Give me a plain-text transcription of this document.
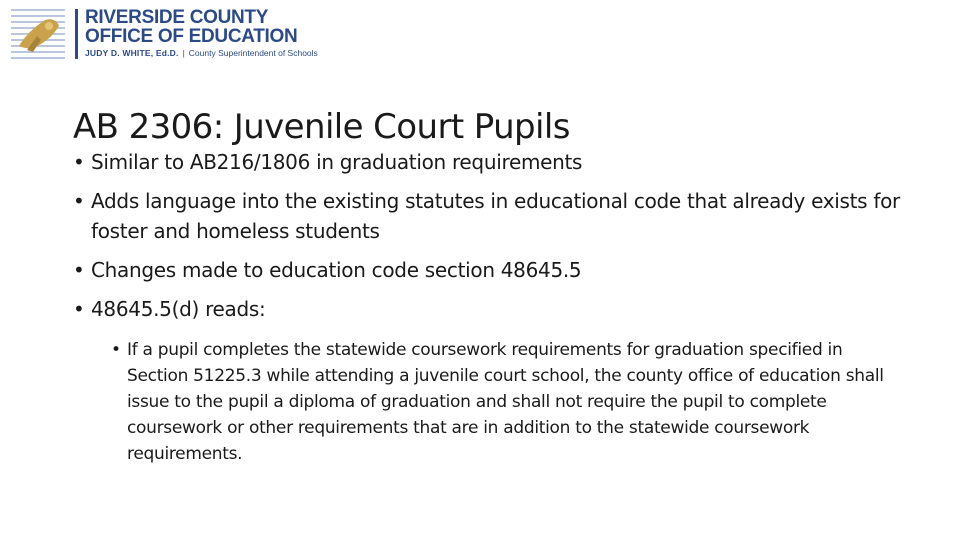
RIVERSIDE COUNTY
OFFICE OF EDUCATION
JUDY D. WHITE, Ed.D. | County Superintendent of Schools
AB 2306: Juvenile Court Pupils
• Similar to AB216/1806 in graduation requirements
• Adds language into the existing statutes in educational code that already exists for foster and homeless students
• Changes made to education code section 48645.5
• 48645.5(d) reads:
• If a pupil completes the statewide coursework requirements for graduation specified in Section 51225.3 while attending a juvenile court school, the county office of education shall issue to the pupil a diploma of graduation and shall not require the pupil to complete coursework or other requirements that are in addition to the statewide coursework requirements.
